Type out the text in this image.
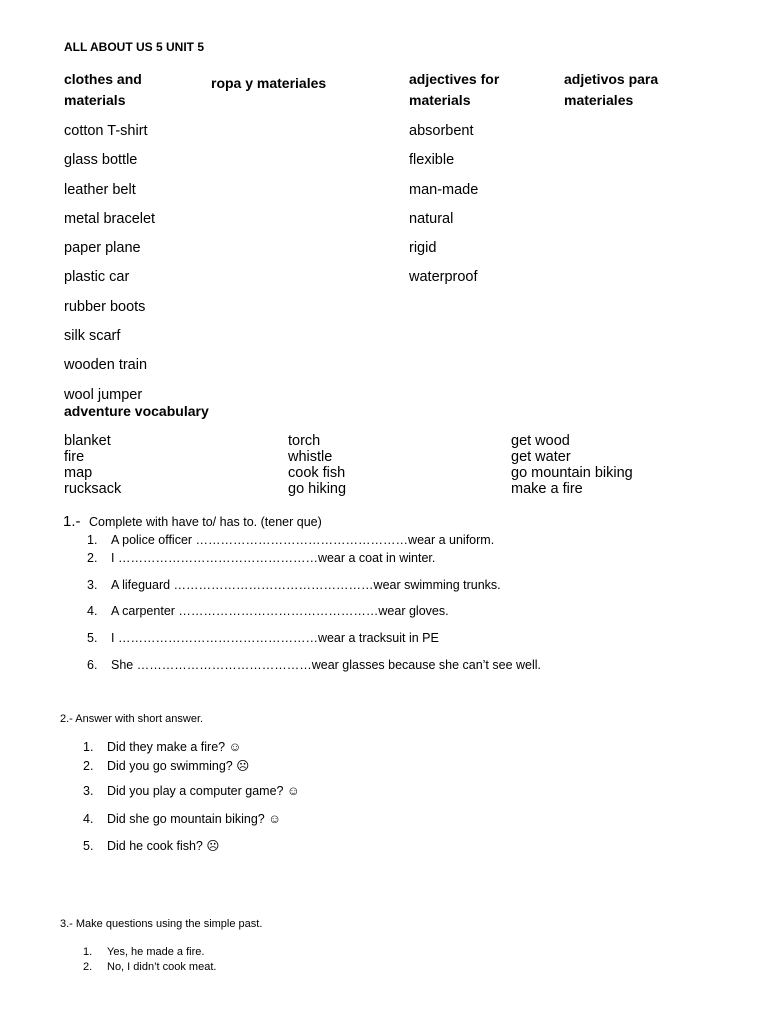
ALL ABOUT US 5 UNIT 5
clothes and materials
ropa y materiales	adjectives for materials
adjetivos para materiales
cotton T-shirt
glass bottle
leather belt
metal bracelet
paper plane
plastic car
rubber boots
silk scarf
wooden train
wool jumper
absorbent
flexible
man-made
natural
rigid
waterproof
adventure vocabulary
blanket
fire
map
rucksack
torch
whistle
cook fish
go hiking
get wood
get water
go mountain biking
make a fire
1.- Complete with have to/ has to. (tener que)
1. A police officer ……………………………………………wear a uniform.
2. I …………………………………………wear a coat in winter.
3. A lifeguard …………………………………………wear swimming trunks.
4. A carpenter …………………………………………wear gloves.
5. I …………………………………………wear a tracksuit in PE
6. She ……………………………………wear glasses because she can’t see well.
2.- Answer with short answer.
1. Did they make a fire? ☺
2. Did you go swimming? ☹
3. Did you play a computer game? ☺
4. Did she go mountain biking? ☺
5. Did he cook fish? ☹
3.- Make questions using the simple past.
1. Yes, he made a fire.
2. No, I didn’t cook meat.
